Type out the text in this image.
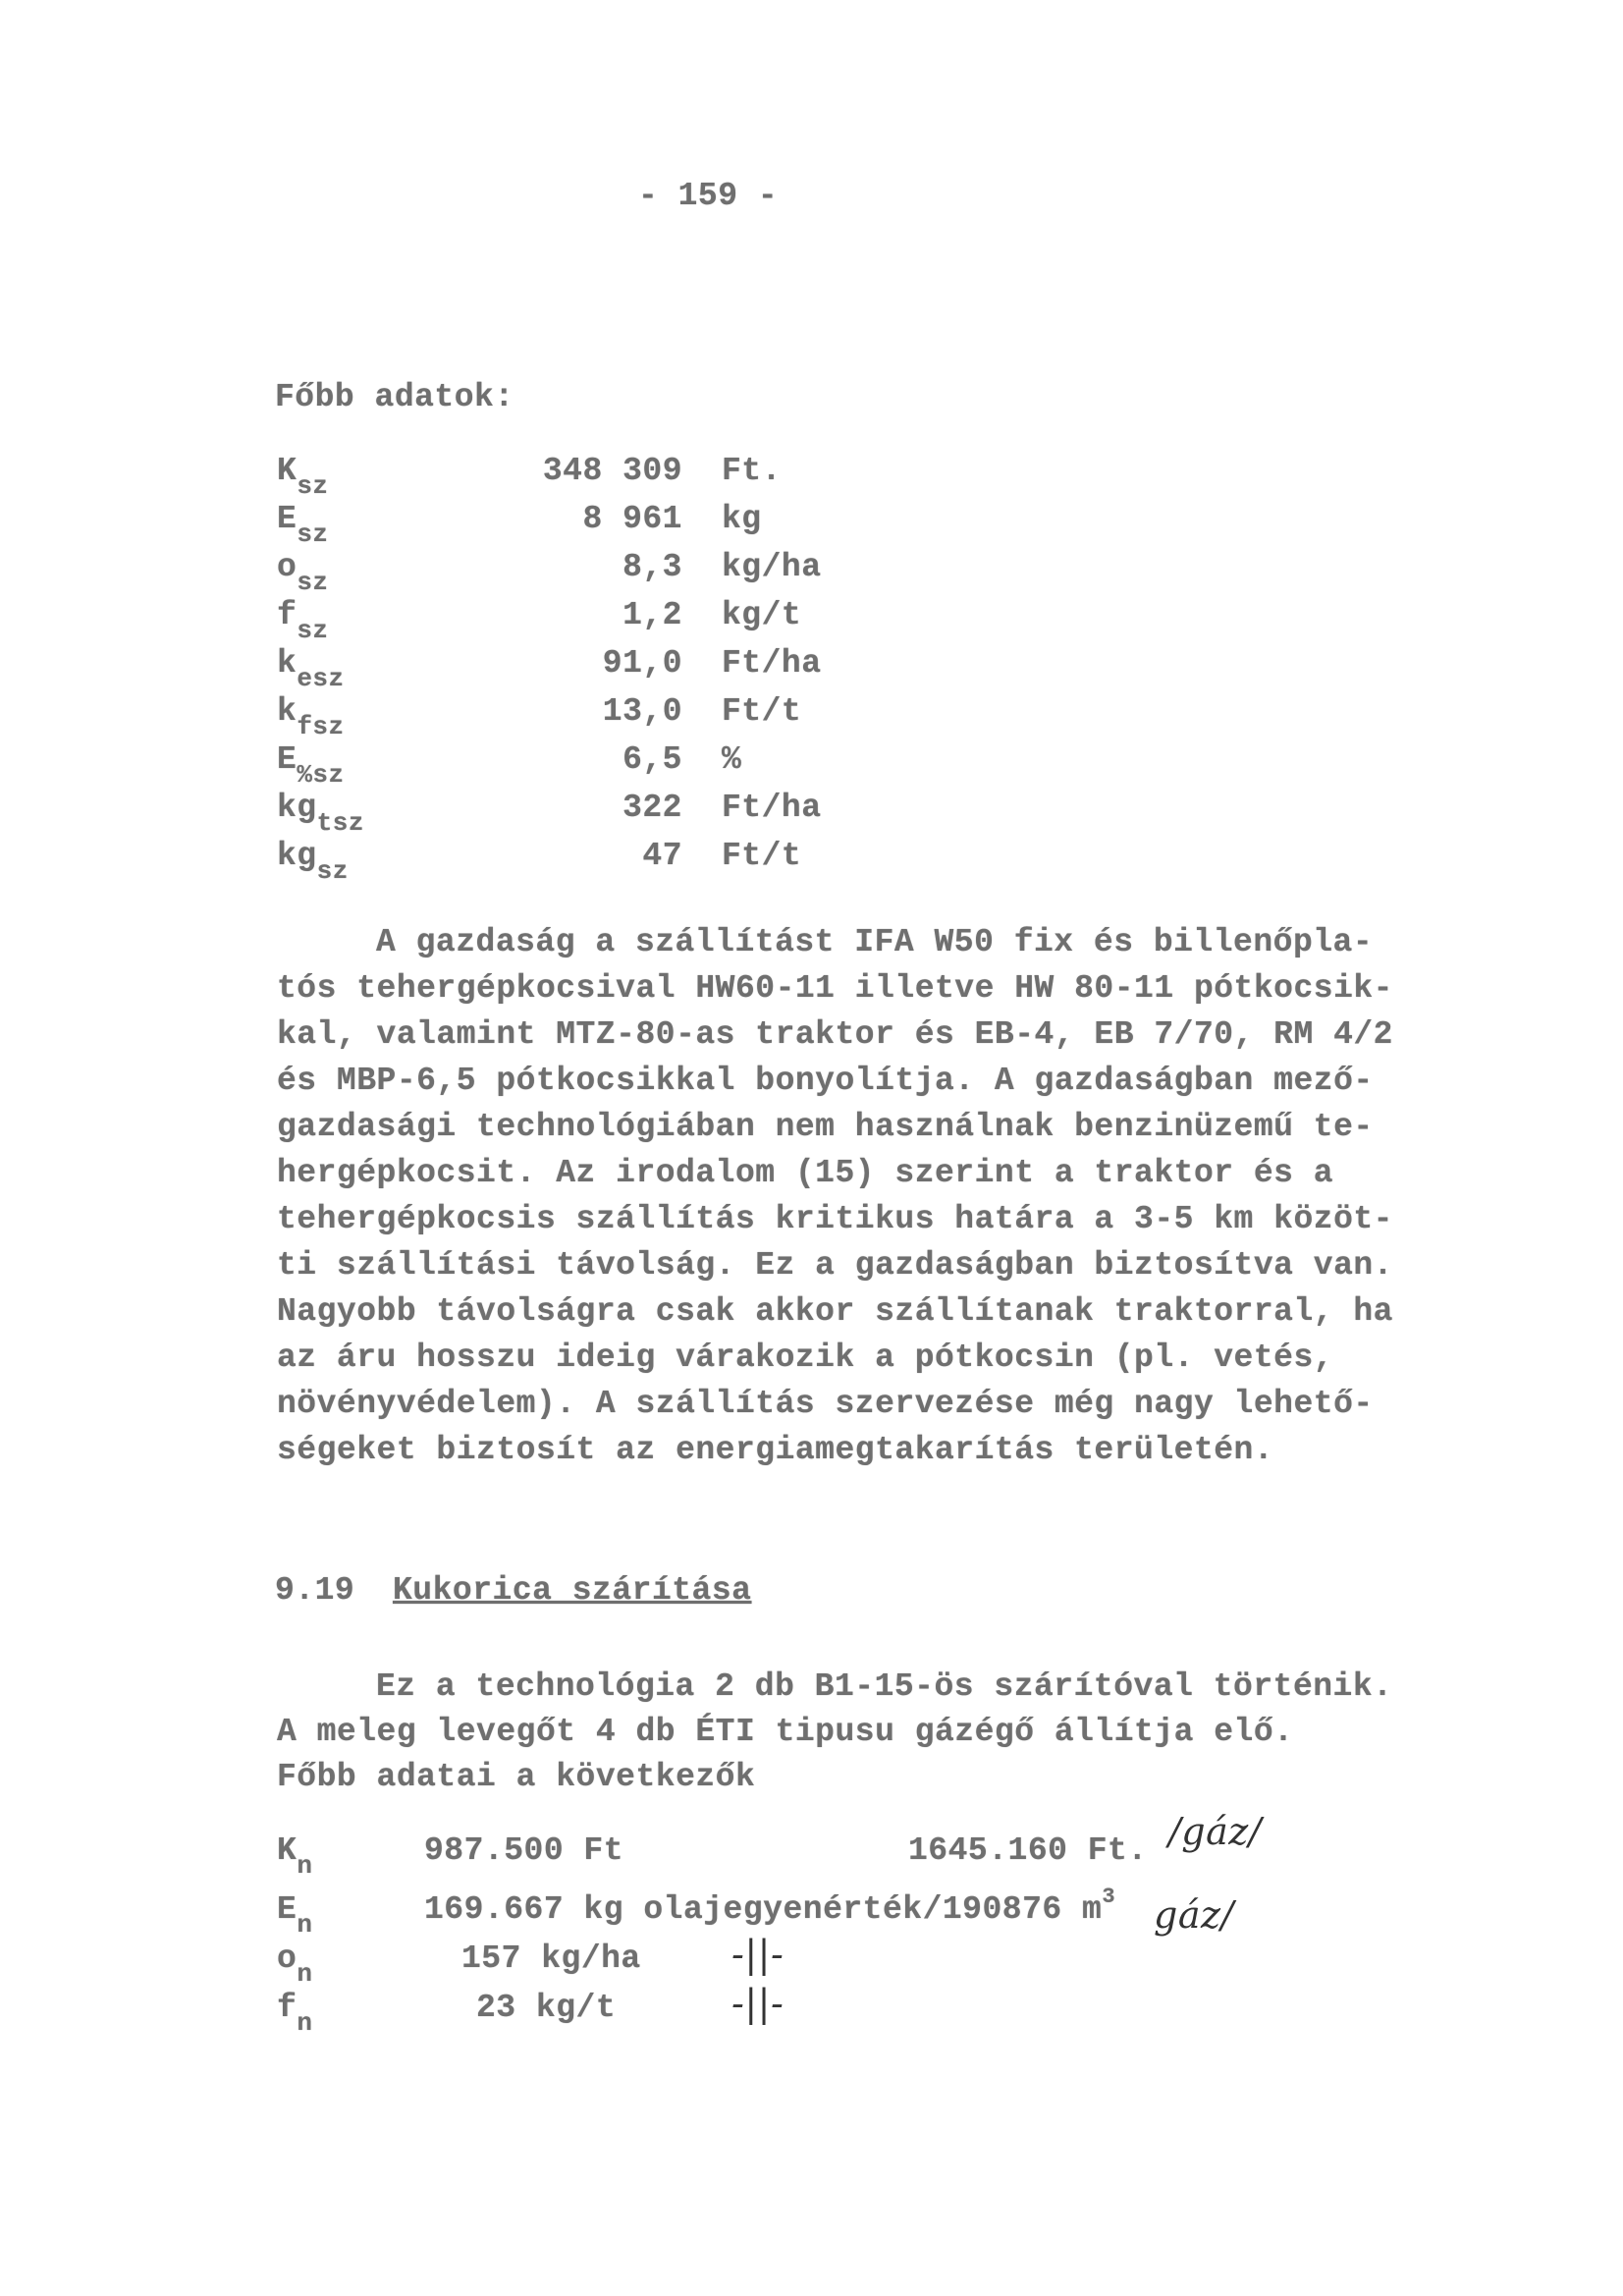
- 159 -
Főbb adatok:
$K_{sz}$	348 309 Ft.
$E_{sz}$	8 961 kg
$o_{sz}$	8,3 kg/ha
$f_{sz}$	1,2 kg/t
$k_{esz}$	91,0 Ft/ha
$k_{fsz}$	13,0 Ft/t
$E_{\%sz}$	6,5 %
$kg_{tsz}$	322 Ft/ha
$kg_{sz}$	47 Ft/t
A gazdaság a szállítást IFA W50 fix és billenőpla-
tós tehergépkocsival HW60-11 illetve HW 80-11 pótkocsik-
kal, valamint MTZ-80-as traktor és EB-4, EB 7/70, RM 4/2
és MBP-6,5 pótkocsikkal bonyolítja. A gazdaságban mező-
gazdasági technológiában nem használnak benzinüzemű te-
hergépkocsit. Az irodalom (15) szerint a traktor és a
tehergépkocsis szállítás kritikus határa a 3-5 km közöt-
ti szállítási távolság. Ez a gazdaságban biztosítva van.
Nagyobb távolságra csak akkor szállítanak traktorral, ha
az áru hosszu ideig várakozik a pótkocsin (pl. vetés,
növényvédelem). A szállítás szervezése még nagy lehető-
ségeket biztosít az energiamegtakarítás területén.
9.19 Kukorica szárítása
Ez a technológia 2 db B1-15-ös szárítóval történik.
A meleg levegőt 4 db ÉTI tipusu gázégő állítja elő.
Főbb adatai a következők
$K_n$	987.500 Ft	1645.160 Ft. /gáz/
$E_n$	169.667 kg olajegyenérték/190876 $m^3$ gáz/
$o_n$	157 kg/ha -||-
$f_n$	23 kg/t	-||-
